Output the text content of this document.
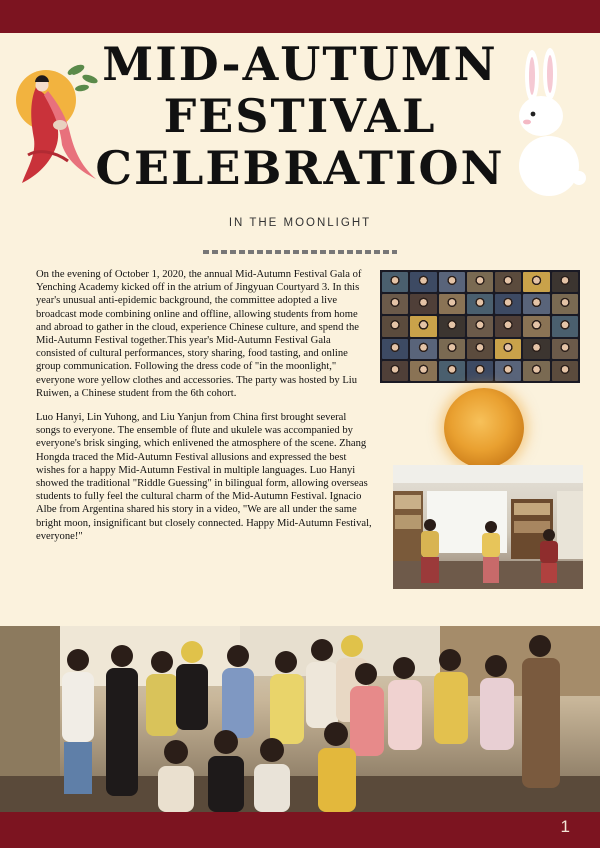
MID-AUTUMN
FESTIVAL
CELEBRATION
IN THE MOONLIGHT

On the evening of October 1, 2020, the annual Mid-Autumn Festival Gala of Yenching Academy kicked off in the atrium of Jingyuan Courtyard 3. In this year's unusual anti-epidemic background, the committee adopted a live broadcast mode combining online and offline, allowing students from home and abroad to gather in the cloud, experience Chinese culture, and spend the Mid-Autumn Festival together.This year's Mid-Autumn Festival Gala consisted of cultural performances, story sharing, food tasting, and online group communication. Following the dress code of "in the moonlight," everyone wore yellow clothes and accessories. The party was hosted by Liu Ruiwen, a Chinese student from the 6th cohort.

Luo Hanyi, Lin Yuhong, and Liu Yanjun from China first brought several songs to everyone. The ensemble of flute and ukulele was accompanied by everyone's brisk singing, which enlivened the atmosphere of the scene. Zhang Hongda traced the Mid-Autumn Festival allusions and expressed the best wishes for a happy Mid-Autumn Festival in multiple languages. Luo Hanyi showed the traditional "Riddle Guessing" in bilingual form, allowing overseas students to fully feel the cultural charm of the Mid-Autumn Festival. Ignacio Albe from Argentina shared his story in a video, "We are all under the same bright moon, insignificant but closely connected. Happy Mid-Autumn Festival, everyone!"

1
